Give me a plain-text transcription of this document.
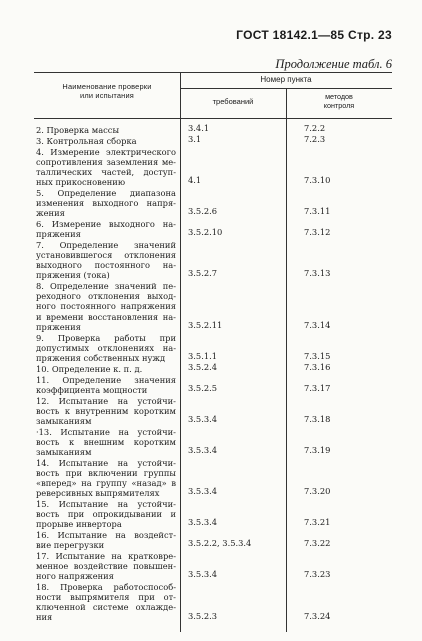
ГОСТ 18142.1—85 Стр. 23
Продолжение табл. 6
Наименование проверки
или испытания
Номер пункта
требований
методов
контроля
2. Проверка массы	3.4.1	7.2.2
3. Контрольная сборка	3.1	7.2.3
4. Измерение электрического
сопротивления заземления ме-
таллических частей, доступ-
ных прикосновению	4.1	7.3.10
5. Определение диапазона
изменения выходного напря-
жения	3.5.2.6	7.3.11
6. Измерение выходного на-
пряжения	3.5.2.10	7.3.12
7. Определение значений
установившегося отклонения
выходного постоянного на-
пряжения (тока)	3.5.2.7	7.3.13
8. Определение значений пе-
реходного отклонения выход-
ного постоянного напряжения
и времени восстановления на-
пряжения	3.5.2.11	7.3.14
9. Проверка работы при
допустимых отклонениях на-
пряжения собственных нужд	3.5.1.1	7.3.15
10. Определение к. п. д.	3.5.2.4	7.3.16
11. Определение значения
коэффициента мощности	3.5.2.5	7.3.17
12. Испытание на устойчи-
вость к внутренним коротким
замыканиям	3.5.3.4	7.3.18
·13. Испытание на устойчи-
вость к внешним коротким
замыканиям	3.5.3.4	7.3.19
14. Испытание на устойчи-
вость при включении группы
«вперед» на группу «назад» в
реверсивных выпрямителях	3.5.3.4	7.3.20
15. Испытание на устойчи-
вость при опрокидывании и
прорыве инвертора	3.5.3.4	7.3.21
16. Испытание на воздейст-
вие перегрузки	3.5.2.2, 3.5.3.4	7.3.22
17. Испытание на кратковре-
менное воздействие повышен-
ного напряжения	3.5.3.4	7.3.23
18. Проверка работоспособ-
ности выпрямителя при от-
ключенной системе охлажде-
ния	3.5.2.3	7.3.24
